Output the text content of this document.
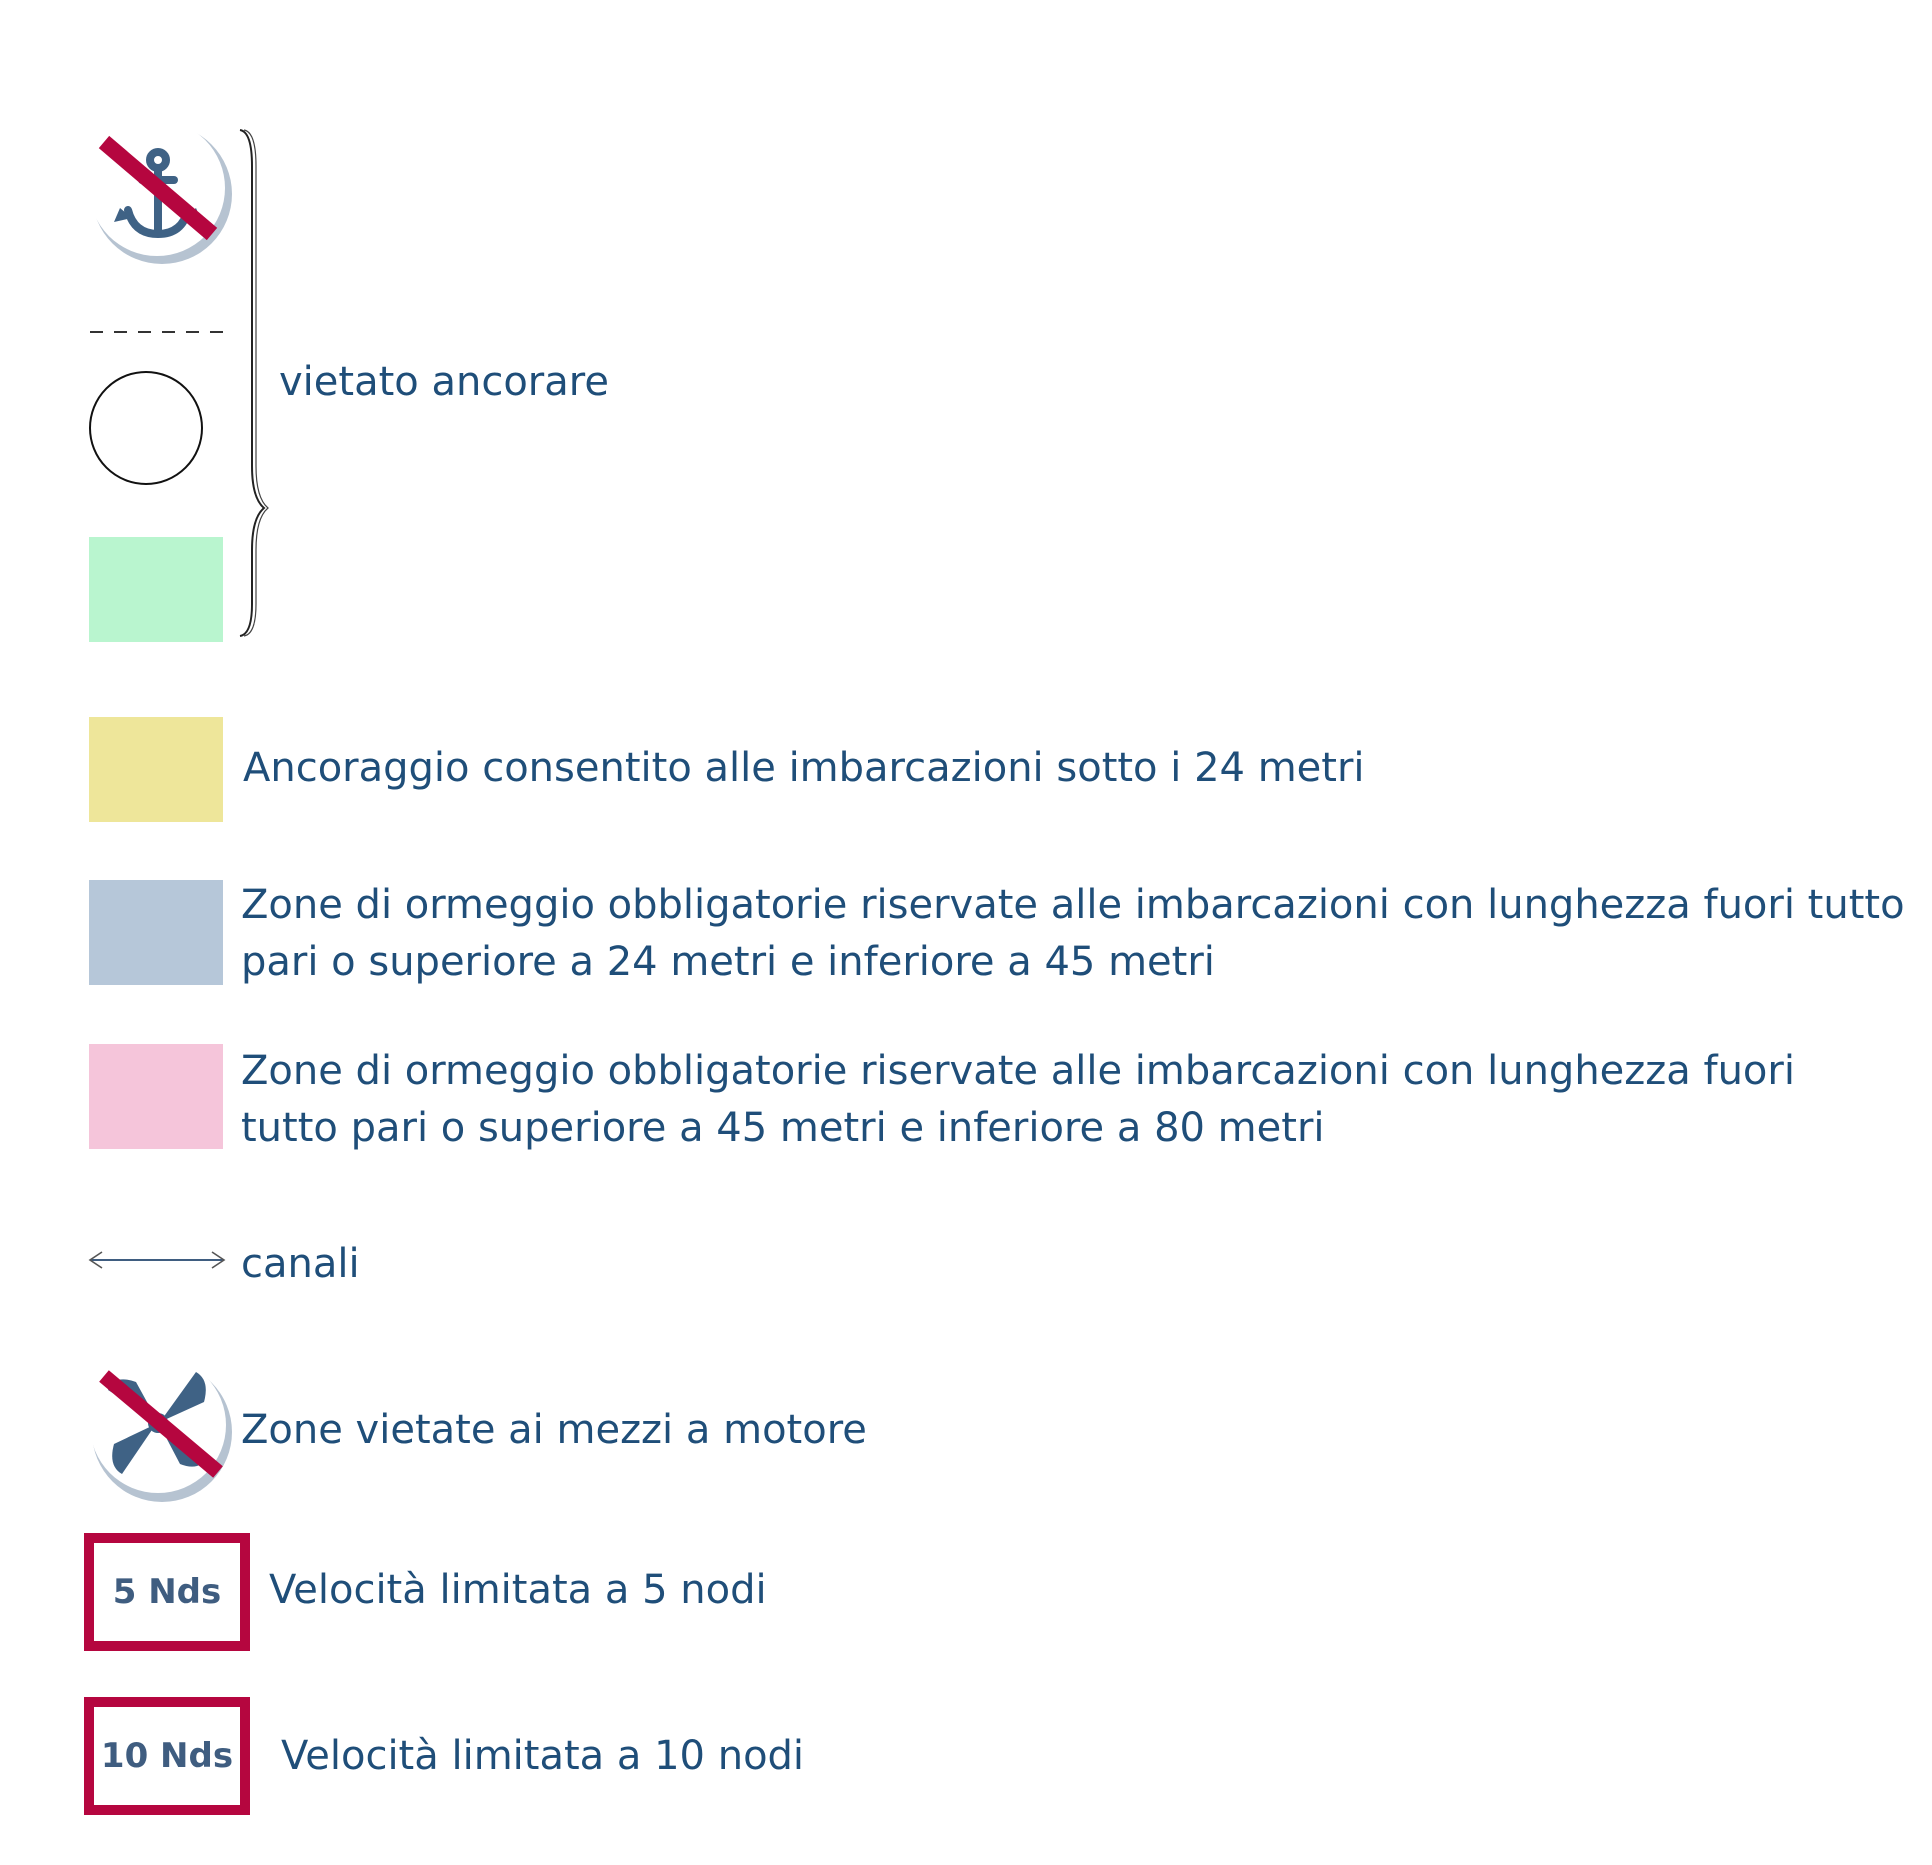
vietato ancorare
Ancoraggio consentito alle imbarcazioni sotto i 24 metri
Zone di ormeggio obbligatorie riservate alle imbarcazioni con lunghezza fuori tutto
pari o superiore a 24 metri e inferiore a 45 metri
Zone di ormeggio obbligatorie riservate alle imbarcazioni con lunghezza fuori
tutto pari o superiore a 45 metri e inferiore a 80 metri
canali
Zone vietate ai mezzi a motore
5 Nds Velocità limitata a 5 nodi
10 Nds Velocità limitata a 10 nodi
